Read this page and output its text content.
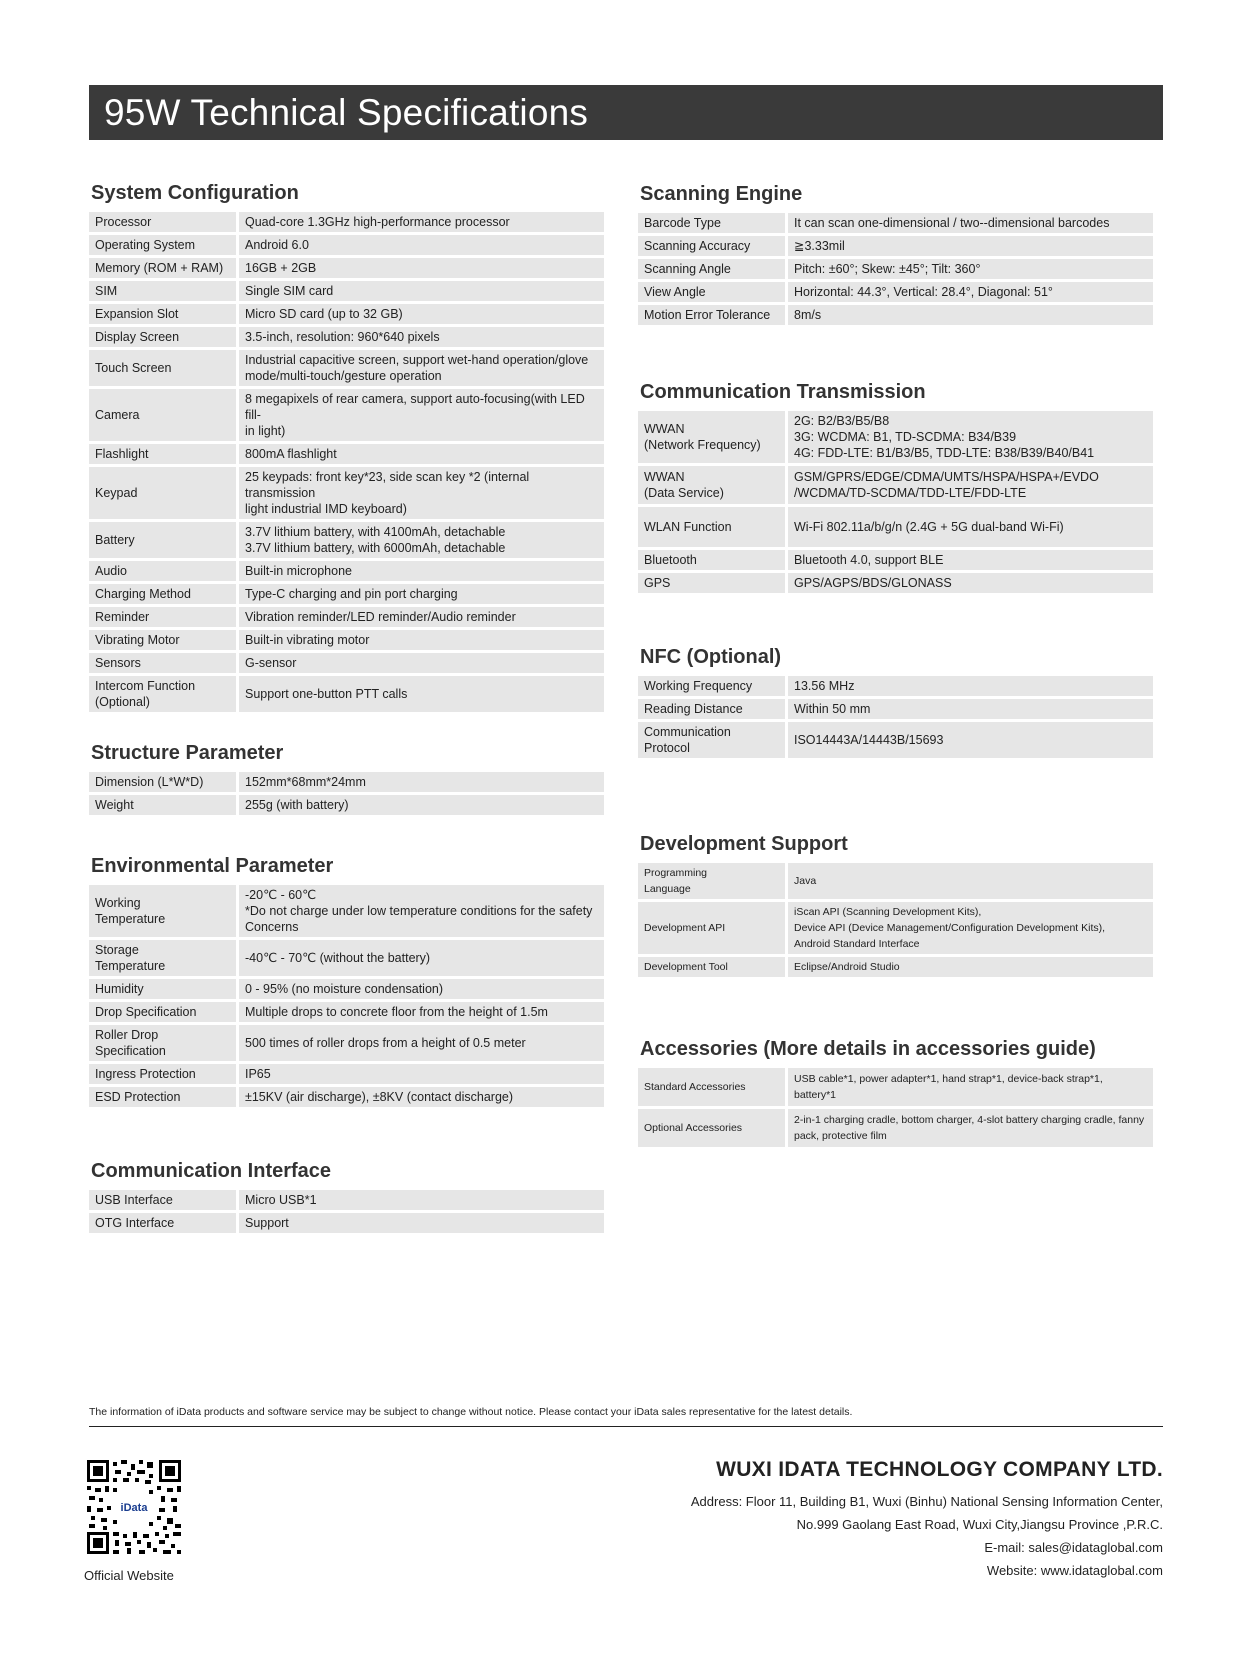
95W Technical Specifications
System Configuration
Processor	Quad-core 1.3GHz high-performance processor

Operating System	Android 6.0

Memory (ROM + RAM)	16GB + 2GB

SIM	Single SIM card

Expansion Slot	Micro SD card (up to 32 GB)

Display Screen	3.5-inch, resolution: 960*640 pixels

Touch Screen	Industrial capacitive screen, support wet-hand operation/glove
mode/multi-touch/gesture operation

Camera	8 megapixels of rear camera, support auto-focusing(with LED fill-
in light)

Flashlight	800mA flashlight

Keypad	25 keypads: front key*23, side scan key *2 (internal transmission
light industrial IMD keyboard)

Battery	3.7V lithium battery, with 4100mAh, detachable
3.7V lithium battery, with 6000mAh, detachable

Audio	Built-in microphone

Charging Method	Type-C charging and pin port charging

Reminder	Vibration reminder/LED reminder/Audio reminder

Vibrating Motor	Built-in vibrating motor

Sensors	G-sensor

Intercom Function
(Optional)	Support one-button PTT calls
Structure Parameter
Dimension (L*W*D)	152mm*68mm*24mm

Weight	255g (with battery)
Environmental Parameter
Working
Temperature	-20℃ - 60℃
*Do not charge under low temperature conditions for the safety
Concerns

Storage
Temperature	-40℃ - 70℃ (without the battery)

Humidity	0 - 95% (no moisture condensation)

Drop Specification	Multiple drops to concrete floor from the height of 1.5m

Roller Drop
Specification	500 times of roller drops from a height of 0.5 meter

Ingress Protection	IP65

ESD Protection	±15KV (air discharge), ±8KV (contact discharge)
Communication Interface
USB Interface	Micro USB*1

OTG Interface	Support
Scanning Engine
Barcode Type	It can scan one-dimensional / two--dimensional barcodes

Scanning Accuracy	≧3.33mil

Scanning Angle	Pitch: ±60°; Skew: ±45°; Tilt: 360°

View Angle	Horizontal: 44.3°, Vertical: 28.4°, Diagonal: 51°

Motion Error Tolerance	8m/s
Communication Transmission
WWAN
(Network Frequency)	2G: B2/B3/B5/B8
3G: WCDMA: B1, TD-SCDMA: B34/B39
4G: FDD-LTE: B1/B3/B5, TDD-LTE: B38/B39/B40/B41

WWAN
(Data Service)	GSM/GPRS/EDGE/CDMA/UMTS/HSPA/HSPA+/EVDO
/WCDMA/TD-SCDMA/TDD-LTE/FDD-LTE

WLAN Function	Wi-Fi 802.11a/b/g/n (2.4G + 5G dual-band Wi-Fi)

Bluetooth	Bluetooth 4.0, support BLE

GPS	GPS/AGPS/BDS/GLONASS
NFC (Optional)
Working Frequency	13.56 MHz

Reading Distance	Within 50 mm

Communication
Protocol	ISO14443A/14443B/15693
Development Support
Programming
Language	Java

Development API	iScan API (Scanning Development Kits),
Device API (Device Management/Configuration Development Kits),
Android Standard Interface

Development Tool	Eclipse/Android Studio
Accessories (More details in accessories guide)
Standard Accessories	USB cable*1, power adapter*1, hand strap*1, device-back strap*1,
battery*1

Optional Accessories	2-in-1 charging cradle, bottom charger, 4-slot battery charging cradle, fanny
pack, protective film
The information of iData products and software service may be subject to change without notice. Please contact your iData sales representative for the latest details.
iData
Official Website
WUXI IDATA TECHNOLOGY COMPANY LTD.
Address: Floor 11, Building B1, Wuxi (Binhu) National Sensing Information Center,
No.999 Gaolang East Road, Wuxi City,Jiangsu Province ,P.R.C.
E-mail: sales@idataglobal.com
Website: www.idataglobal.com
